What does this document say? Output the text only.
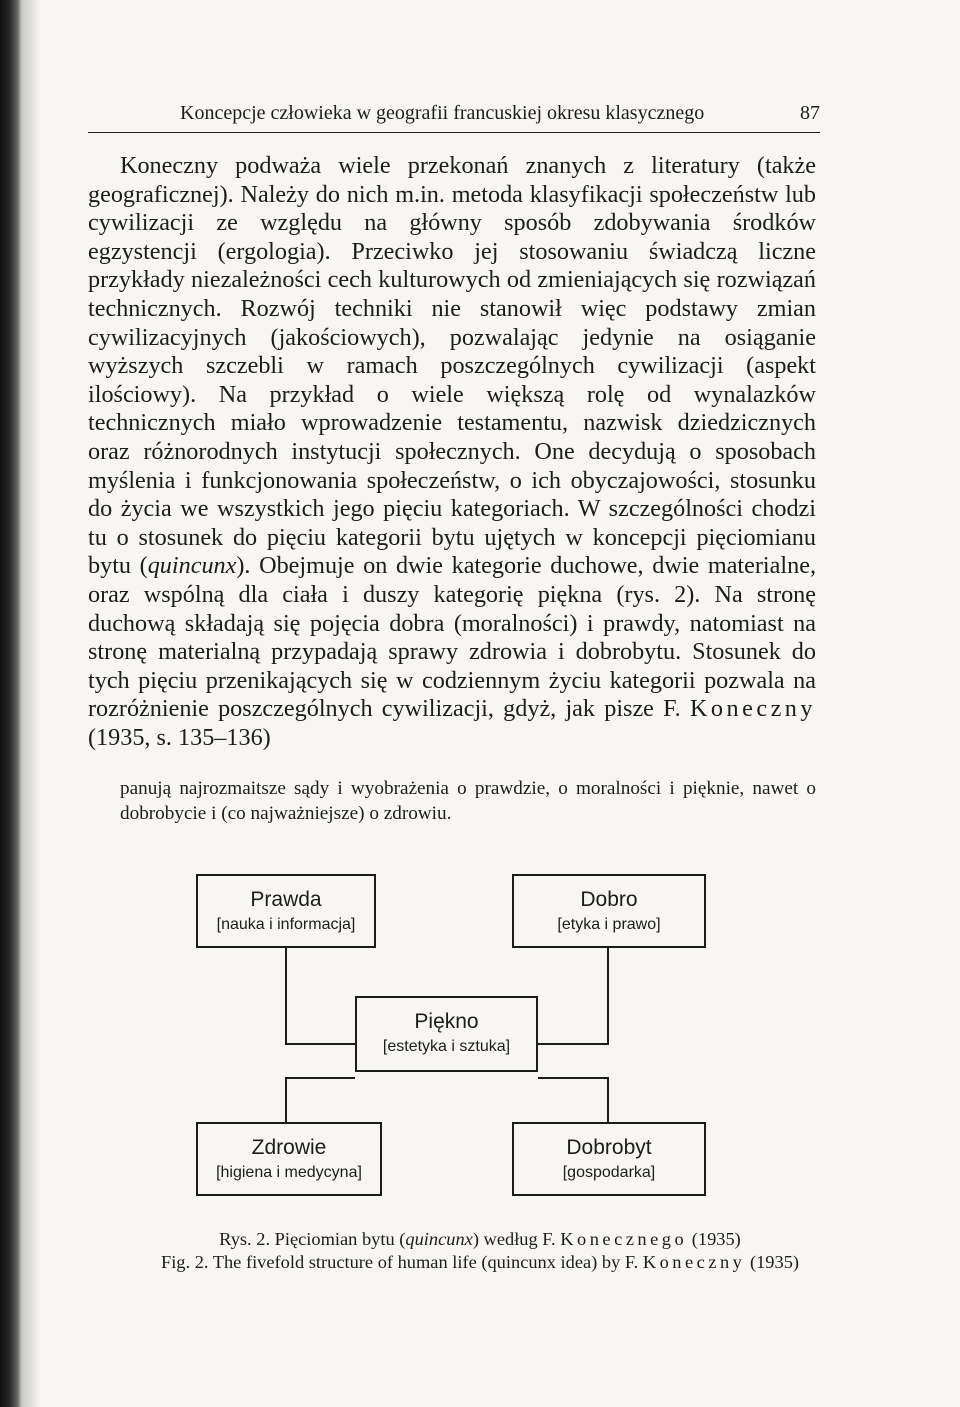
Koncepcje człowieka w geografii francuskiej okresu klasycznego	87

Koneczny podważa wiele przekonań znanych z literatury (także geograficznej). Należy do nich m.in. metoda klasyfikacji społeczeństw lub cywilizacji ze względu na główny sposób zdobywania środków egzystencji (ergologia). Przeciwko jej stosowaniu świadczą liczne przykłady niezależności cech kulturowych od zmieniających się rozwiązań technicznych. Rozwój techniki nie stanowił więc podstawy zmian cywilizacyjnych (jakościowych), pozwalając jedynie na osiąganie wyższych szczebli w ramach poszczególnych cywilizacji (aspekt ilościowy). Na przykład o wiele większą rolę od wynalazków technicznych miało wprowadzenie testamentu, nazwisk dziedzicznych oraz różnorodnych instytucji społecznych. One decydują o sposobach myślenia i funkcjonowania społeczeństw, o ich obyczajowości, stosunku do życia we wszystkich jego pięciu kategoriach. W szczególności chodzi tu o stosunek do pięciu kategorii bytu ujętych w koncepcji pięciomianu bytu (quincunx). Obejmuje on dwie kategorie duchowe, dwie materialne, oraz wspólną dla ciała i duszy kategorię piękna (rys. 2). Na stronę duchową składają się pojęcia dobra (moralności) i prawdy, natomiast na stronę materialną przypadają sprawy zdrowia i dobrobytu. Stosunek do tych pięciu przenikających się w codziennym życiu kategorii pozwala na rozróżnienie poszczególnych cywilizacji, gdyż, jak pisze F. Koneczny (1935, s. 135–136)

panują najrozmaitsze sądy i wyobrażenia o prawdzie, o moralności i pięknie, nawet o dobrobycie i (co najważniejsze) o zdrowiu.
Prawda
[nauka i informacja]
Dobro
[etyka i prawo]
Piękno
[estetyka i sztuka]
Zdrowie
[higiena i medycyna]
Dobrobyt
[gospodarka]
Rys. 2. Pięciomian bytu (quincunx) według F. Konecznego (1935)
Fig. 2. The fivefold structure of human life (quincunx idea) by F. Koneczny (1935)
